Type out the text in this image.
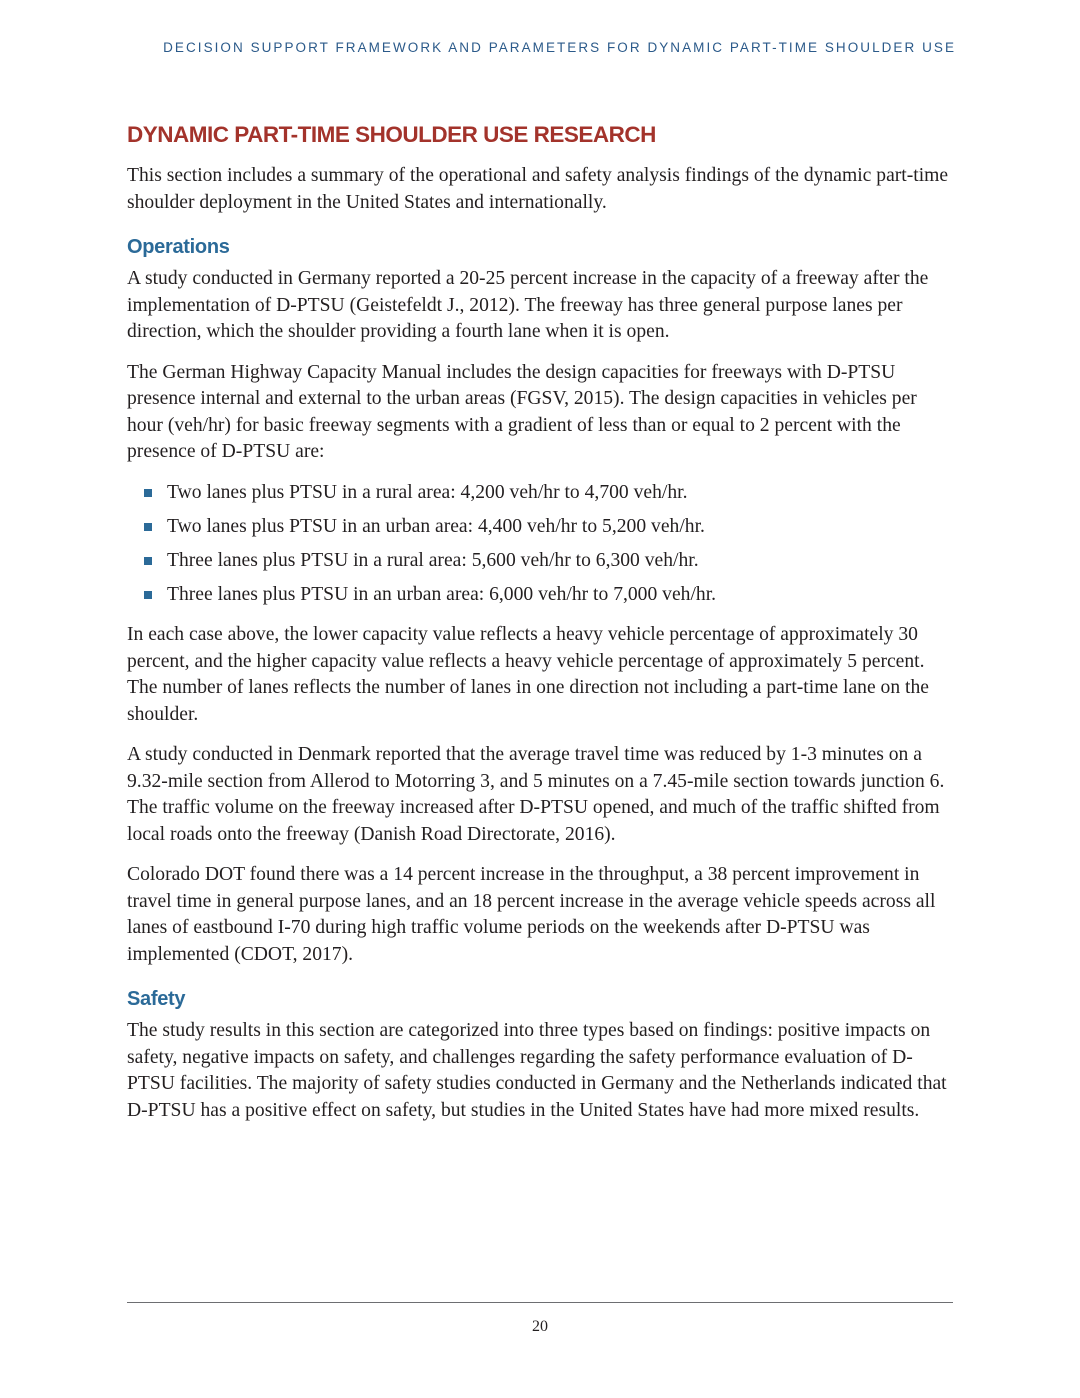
DECISION SUPPORT FRAMEWORK AND PARAMETERS FOR DYNAMIC PART-TIME SHOULDER USE
DYNAMIC PART-TIME SHOULDER USE RESEARCH

This section includes a summary of the operational and safety analysis findings of the dynamic part-time shoulder deployment in the United States and internationally.

Operations

A study conducted in Germany reported a 20-25 percent increase in the capacity of a freeway after the implementation of D-PTSU (Geistefeldt J., 2012). The freeway has three general purpose lanes per direction, which the shoulder providing a fourth lane when it is open.

The German Highway Capacity Manual includes the design capacities for freeways with D-PTSU presence internal and external to the urban areas (FGSV, 2015). The design capacities in vehicles per hour (veh/hr) for basic freeway segments with a gradient of less than or equal to 2 percent with the presence of D-PTSU are:

Two lanes plus PTSU in a rural area: 4,200 veh/hr to 4,700 veh/hr.
Two lanes plus PTSU in an urban area: 4,400 veh/hr to 5,200 veh/hr.
Three lanes plus PTSU in a rural area: 5,600 veh/hr to 6,300 veh/hr.
Three lanes plus PTSU in an urban area: 6,000 veh/hr to 7,000 veh/hr.

In each case above, the lower capacity value reflects a heavy vehicle percentage of approximately 30 percent, and the higher capacity value reflects a heavy vehicle percentage of approximately 5 percent. The number of lanes reflects the number of lanes in one direction not including a part-time lane on the shoulder.

A study conducted in Denmark reported that the average travel time was reduced by 1-3 minutes on a 9.32-mile section from Allerod to Motorring 3, and 5 minutes on a 7.45-mile section towards junction 6. The traffic volume on the freeway increased after D-PTSU opened, and much of the traffic shifted from local roads onto the freeway (Danish Road Directorate, 2016).

Colorado DOT found there was a 14 percent increase in the throughput, a 38 percent improvement in travel time in general purpose lanes, and an 18 percent increase in the average vehicle speeds across all lanes of eastbound I-70 during high traffic volume periods on the weekends after D-PTSU was implemented (CDOT, 2017).

Safety

The study results in this section are categorized into three types based on findings: positive impacts on safety, negative impacts on safety, and challenges regarding the safety performance evaluation of D-PTSU facilities. The majority of safety studies conducted in Germany and the Netherlands indicated that D-PTSU has a positive effect on safety, but studies in the United States have had more mixed results.

20
